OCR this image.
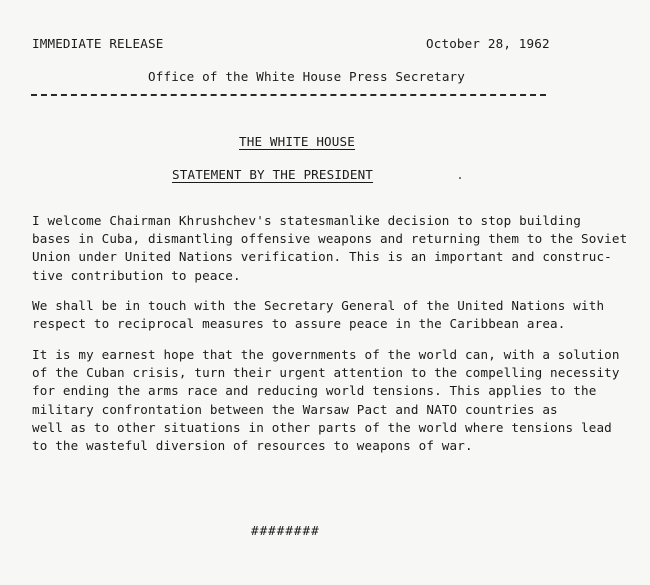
IMMEDIATE RELEASE	October 28, 1962
Office of the White House Press Secretary
THE WHITE HOUSE
STATEMENT BY THE PRESIDENT
I welcome Chairman Khrushchev's statesmanlike decision to stop building
bases in Cuba, dismantling offensive weapons and returning them to the Soviet
Union under United Nations verification. This is an important and construc-
tive contribution to peace.
We shall be in touch with the Secretary General of the United Nations with
respect to reciprocal measures to assure peace in the Caribbean area.
It is my earnest hope that the governments of the world can, with a solution
of the Cuban crisis, turn their urgent attention to the compelling necessity
for ending the arms race and reducing world tensions. This applies to the
military confrontation between the Warsaw Pact and NATO countries as
well as to other situations in other parts of the world where tensions lead
to the wasteful diversion of resources to weapons of war.
########
